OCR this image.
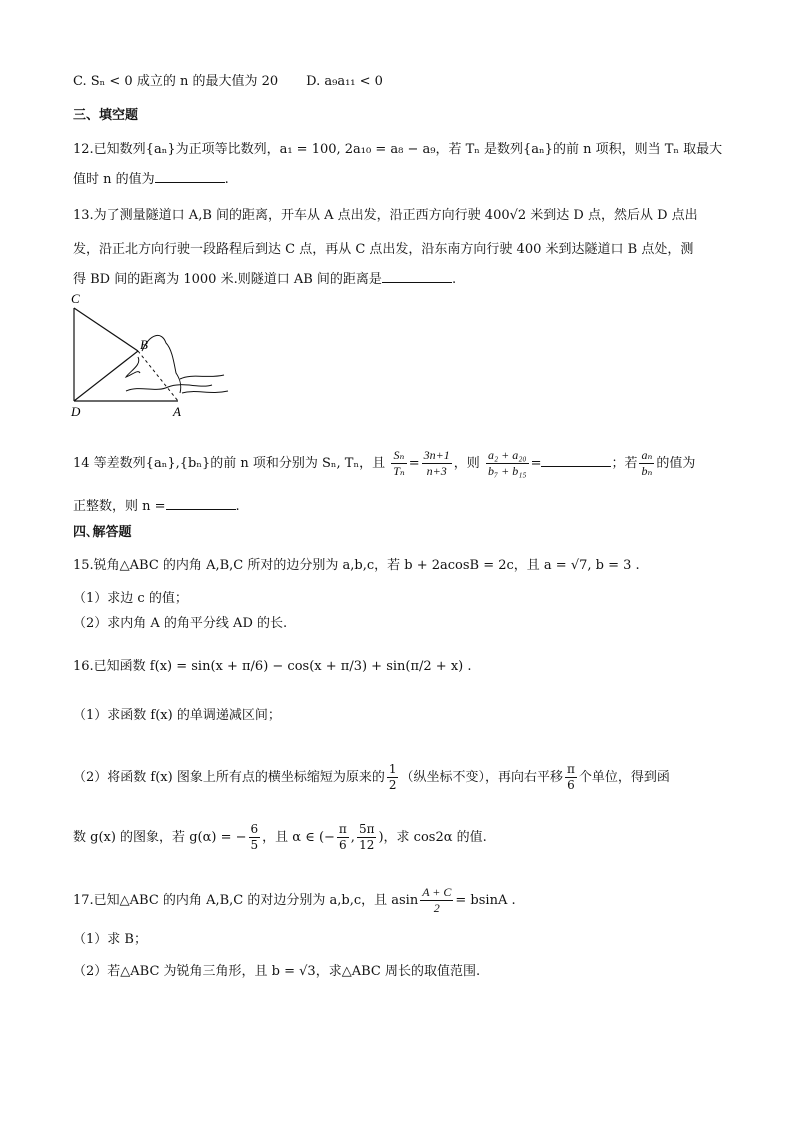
C. Sₙ < 0 成立的 n 的最大值为 20 D. a₉a₁₁ < 0
三、填空题
12.已知数列{aₙ}为正项等比数列，a₁ = 100, 2a₁₀ = a₈ − a₉，若 Tₙ 是数列{aₙ}的前 n 项积，则当 Tₙ 取最大
值时 n 的值为	.
13.为了测量隧道口 A,B 间的距离，开车从 A 点出发，沿正西方向行驶 400√2 米到达 D 点，然后从 D 点出
发，沿正北方向行驶一段路程后到达 C 点，再从 C 点出发，沿东南方向行驶 400 米到达隧道口 B 点处，测
得 BD 间的距离为 1000 米.则隧道口 AB 间的距离是	.
C
B
D	A
14 等差数列{aₙ},{bₙ}的前 n 项和分别为 Sₙ, Tₙ，且 $\frac{\text{Sₙ}}{\text{Tₙ}} = \frac{3n+1}{n+3}$ ，则 $\frac{\text{a₂ + a₂₀}}{\text{b₇ + b₁₅}}$ =	；若 $\frac{\text{aₙ}}{\text{bₙ}}$ 的值为
正整数，则 n =	.
四､解答题
15.锐角△ABC 的内角 A,B,C 所对的边分别为 a,b,c，若 b + 2acosB = 2c，且 a = √7, b = 3 .
（1）求边 c 的值；
（2）求内角 A 的角平分线 AD 的长.
16.已知函数 f(x) = sin(x + π/6) − cos(x + π/3) + sin(π/2 + x) .
（1）求函数 f(x) 的单调递减区间；
（2）将函数 f(x) 图象上所有点的横坐标缩短为原来的 $\frac{1}{2}$ （纵坐标不变），再向右平移 $\frac{\pi}{6}$ 个单位，得到函
数 g(x) 的图象，若 g(α) = − $\frac{6}{5}$ ，且 α ∈ (− $\frac{\pi}{6}$ , $\frac{5\pi}{12}$ )，求 cos2α 的值.
17.已知△ABC 的内角 A,B,C 的对边分别为 a,b,c，且 asin $\frac{A + C}{2} = bsinA$ .
（1）求 B；
（2）若△ABC 为锐角三角形，且 b = √3，求△ABC 周长的取值范围.
